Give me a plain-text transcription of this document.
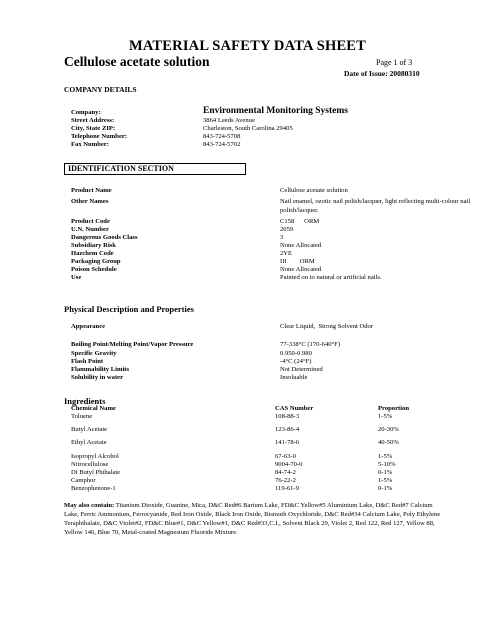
MATERIAL SAFETY DATA SHEET
Cellulose acetate solution	Page 1 of 3
Date of Issue: 20080310
COMPANY DETAILS
Company:	Environmental Monitoring Systems
Street Address:	3864 Leeds Avenue
City, State ZIP:	Charleston, South Carolina 29405
Telephone Number:	843-724-5708
Fax Number:	843-724-5702
IDENTIFICATION SECTION
Product Name	Cellulose acetate solution
Other Names	Nail enamel, ozotic nail polish/lacquer, light reflecting multi-colour nail polish/lacquer.
Product Code	C158      ORM
U.N. Number	2059
Dangerous Goods Class	3
Subsidiary Risk	None Allocated
Hazchem Code	2YE
Packaging Group	III        ORM
Poison Schedule	None Allocated
Use	Painted on to natural or artificial nails.
Physical Description and Properties
Appearance	Clear Liquid,  Strong Solvent Odor
Boiling Point/Melting Point/Vapor Pressure	77-338°C (170-640°F)
Specific Gravity	0.950-0.980
Flash Point	-4°C (24°F)
Flammability Limits	Not Determined
Solubility in water	Insoluable
Ingredients
Chemical Name	CAS Number	Proportion
Toluene	108-88-3	1-5%
Butyl Acetate	123-86-4	20-30%
Ethyl Acetate	141-78-6	40-50%
Isopropyl Alcohol	67-63-0	1-5%
Nitrocellulose	9004-70-0	5-10%
Di Butyl Phthalate	84-74-2	0-1%
Camphor	76-22-2	1-5%
Benzophenone-1	119-61-9	0-1%
May also contain: Titanium Dioxide, Guanine, Mica, D&C Red#6 Barium Lake, FD&C Yellow#5 Aluminium Lake, D&C Red#7 Calcium Lake, Ferric Ammonium, Ferrocyanide, Red Iron Oxide, Black Iron Oxide, Bismuth Oxychloride, D&C Red#34 Calcium Lake, Poly Ethylene Teraphthalate, D&C Violet#2, FD&C Blue#1, D&C Yellow#1, D&C Red#33,C.I., Solvent Black 29, Violet 2, Red 122, Red 127, Yellow 88, Yellow 146, Blue 70, Metal-coated Magnesium Fluoride Mixture.
